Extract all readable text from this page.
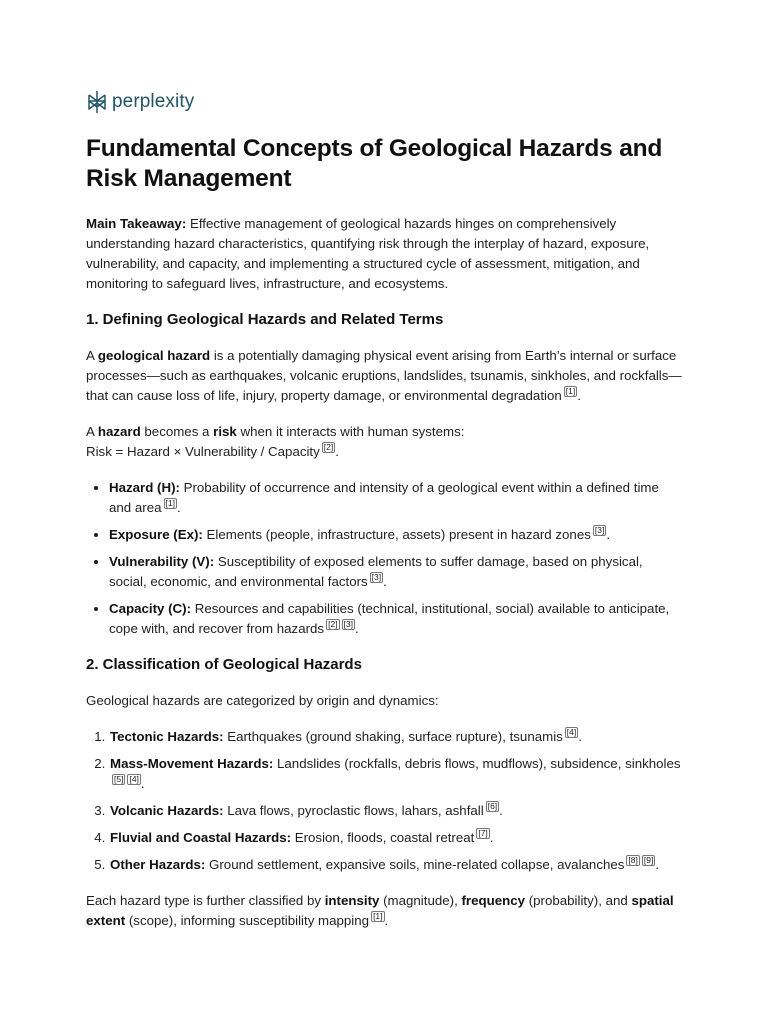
perplexity
Fundamental Concepts of Geological Hazards and Risk Management

Main Takeaway: Effective management of geological hazards hinges on comprehensively understanding hazard characteristics, quantifying risk through the interplay of hazard, exposure, vulnerability, and capacity, and implementing a structured cycle of assessment, mitigation, and monitoring to safeguard lives, infrastructure, and ecosystems.

1. Defining Geological Hazards and Related Terms

A geological hazard is a potentially damaging physical event arising from Earth’s internal or surface processes—such as earthquakes, volcanic eruptions, landslides, tsunamis, sinkholes, and rockfalls—that can cause loss of life, injury, property damage, or environmental degradation [1] .

A hazard becomes a risk when it interacts with human systems:
Risk = Hazard × Vulnerability / Capacity [2] .

• Hazard (H): Probability of occurrence and intensity of a geological event within a defined time and area [1] .
• Exposure (Ex): Elements (people, infrastructure, assets) present in hazard zones [3] .
• Vulnerability (V): Susceptibility of exposed elements to suffer damage, based on physical, social, economic, and environmental factors [3] .
• Capacity (C): Resources and capabilities (technical, institutional, social) available to anticipate, cope with, and recover from hazards [2] [3] .
2. Classification of Geological Hazards

Geological hazards are categorized by origin and dynamics:

1. Tectonic Hazards: Earthquakes (ground shaking, surface rupture), tsunamis [4] .
2. Mass-Movement Hazards: Landslides (rockfalls, debris flows, mudflows), subsidence, sinkholes[5] [4] .
3. Volcanic Hazards: Lava flows, pyroclastic flows, lahars, ashfall [6] .
4. Fluvial and Coastal Hazards: Erosion, floods, coastal retreat [7] .
5. Other Hazards: Ground settlement, expansive soils, mine-related collapse, avalanches [8] [9] .

Each hazard type is further classified by intensity (magnitude), frequency (probability), and spatial extent (scope), informing susceptibility mapping [1] .
